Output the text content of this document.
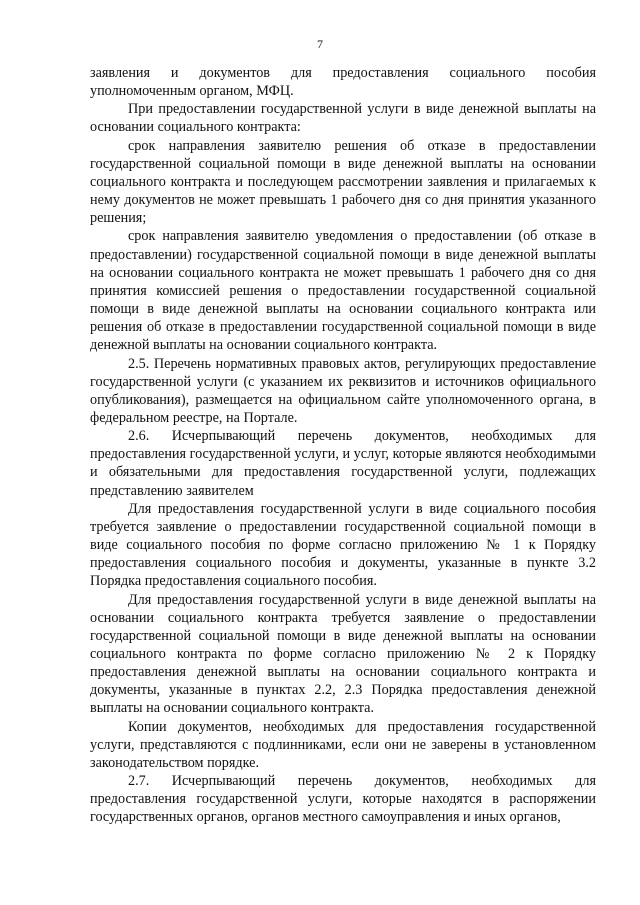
7

заявления и документов для предоставления социального пособия уполномоченным органом, МФЦ.

При предоставлении государственной услуги в виде денежной выплаты на основании социального контракта:

срок направления заявителю решения об отказе в предоставлении государственной социальной помощи в виде денежной выплаты на основании социального контракта и последующем рассмотрении заявления и прилагаемых к нему документов не может превышать 1 рабочего дня со дня принятия указанного решения;

срок направления заявителю уведомления о предоставлении (об отказе в предоставлении) государственной социальной помощи в виде денежной выплаты на основании социального контракта не может превышать 1 рабочего дня со дня принятия комиссией решения о предоставлении государственной социальной помощи в виде денежной выплаты на основании социального контракта или решения об отказе в предоставлении государственной социальной помощи в виде денежной выплаты на основании социального контракта.

2.5. Перечень нормативных правовых актов, регулирующих предоставление государственной услуги (с указанием их реквизитов и источников официального опубликования), размещается на официальном сайте уполномоченного органа, в федеральном реестре, на Портале.

2.6. Исчерпывающий перечень документов, необходимых для предоставления государственной услуги, и услуг, которые являются необходимыми и обязательными для предоставления государственной услуги, подлежащих представлению заявителем

Для предоставления государственной услуги в виде социального пособия требуется заявление о предоставлении государственной социальной помощи в виде социального пособия по форме согласно приложению № 1 к Порядку предоставления социального пособия и документы, указанные в пункте 3.2 Порядка предоставления социального пособия.

Для предоставления государственной услуги в виде денежной выплаты на основании социального контракта требуется заявление о предоставлении государственной социальной помощи в виде денежной выплаты на основании социального контракта по форме согласно приложению № 2 к Порядку предоставления денежной выплаты на основании социального контракта и документы, указанные в пунктах 2.2, 2.3 Порядка предоставления денежной выплаты на основании социального контракта.

Копии документов, необходимых для предоставления государственной услуги, представляются с подлинниками, если они не заверены в установленном законодательством порядке.

2.7. Исчерпывающий перечень документов, необходимых для предоставления государственной услуги, которые находятся в распоряжении государственных органов, органов местного самоуправления и иных органов,
